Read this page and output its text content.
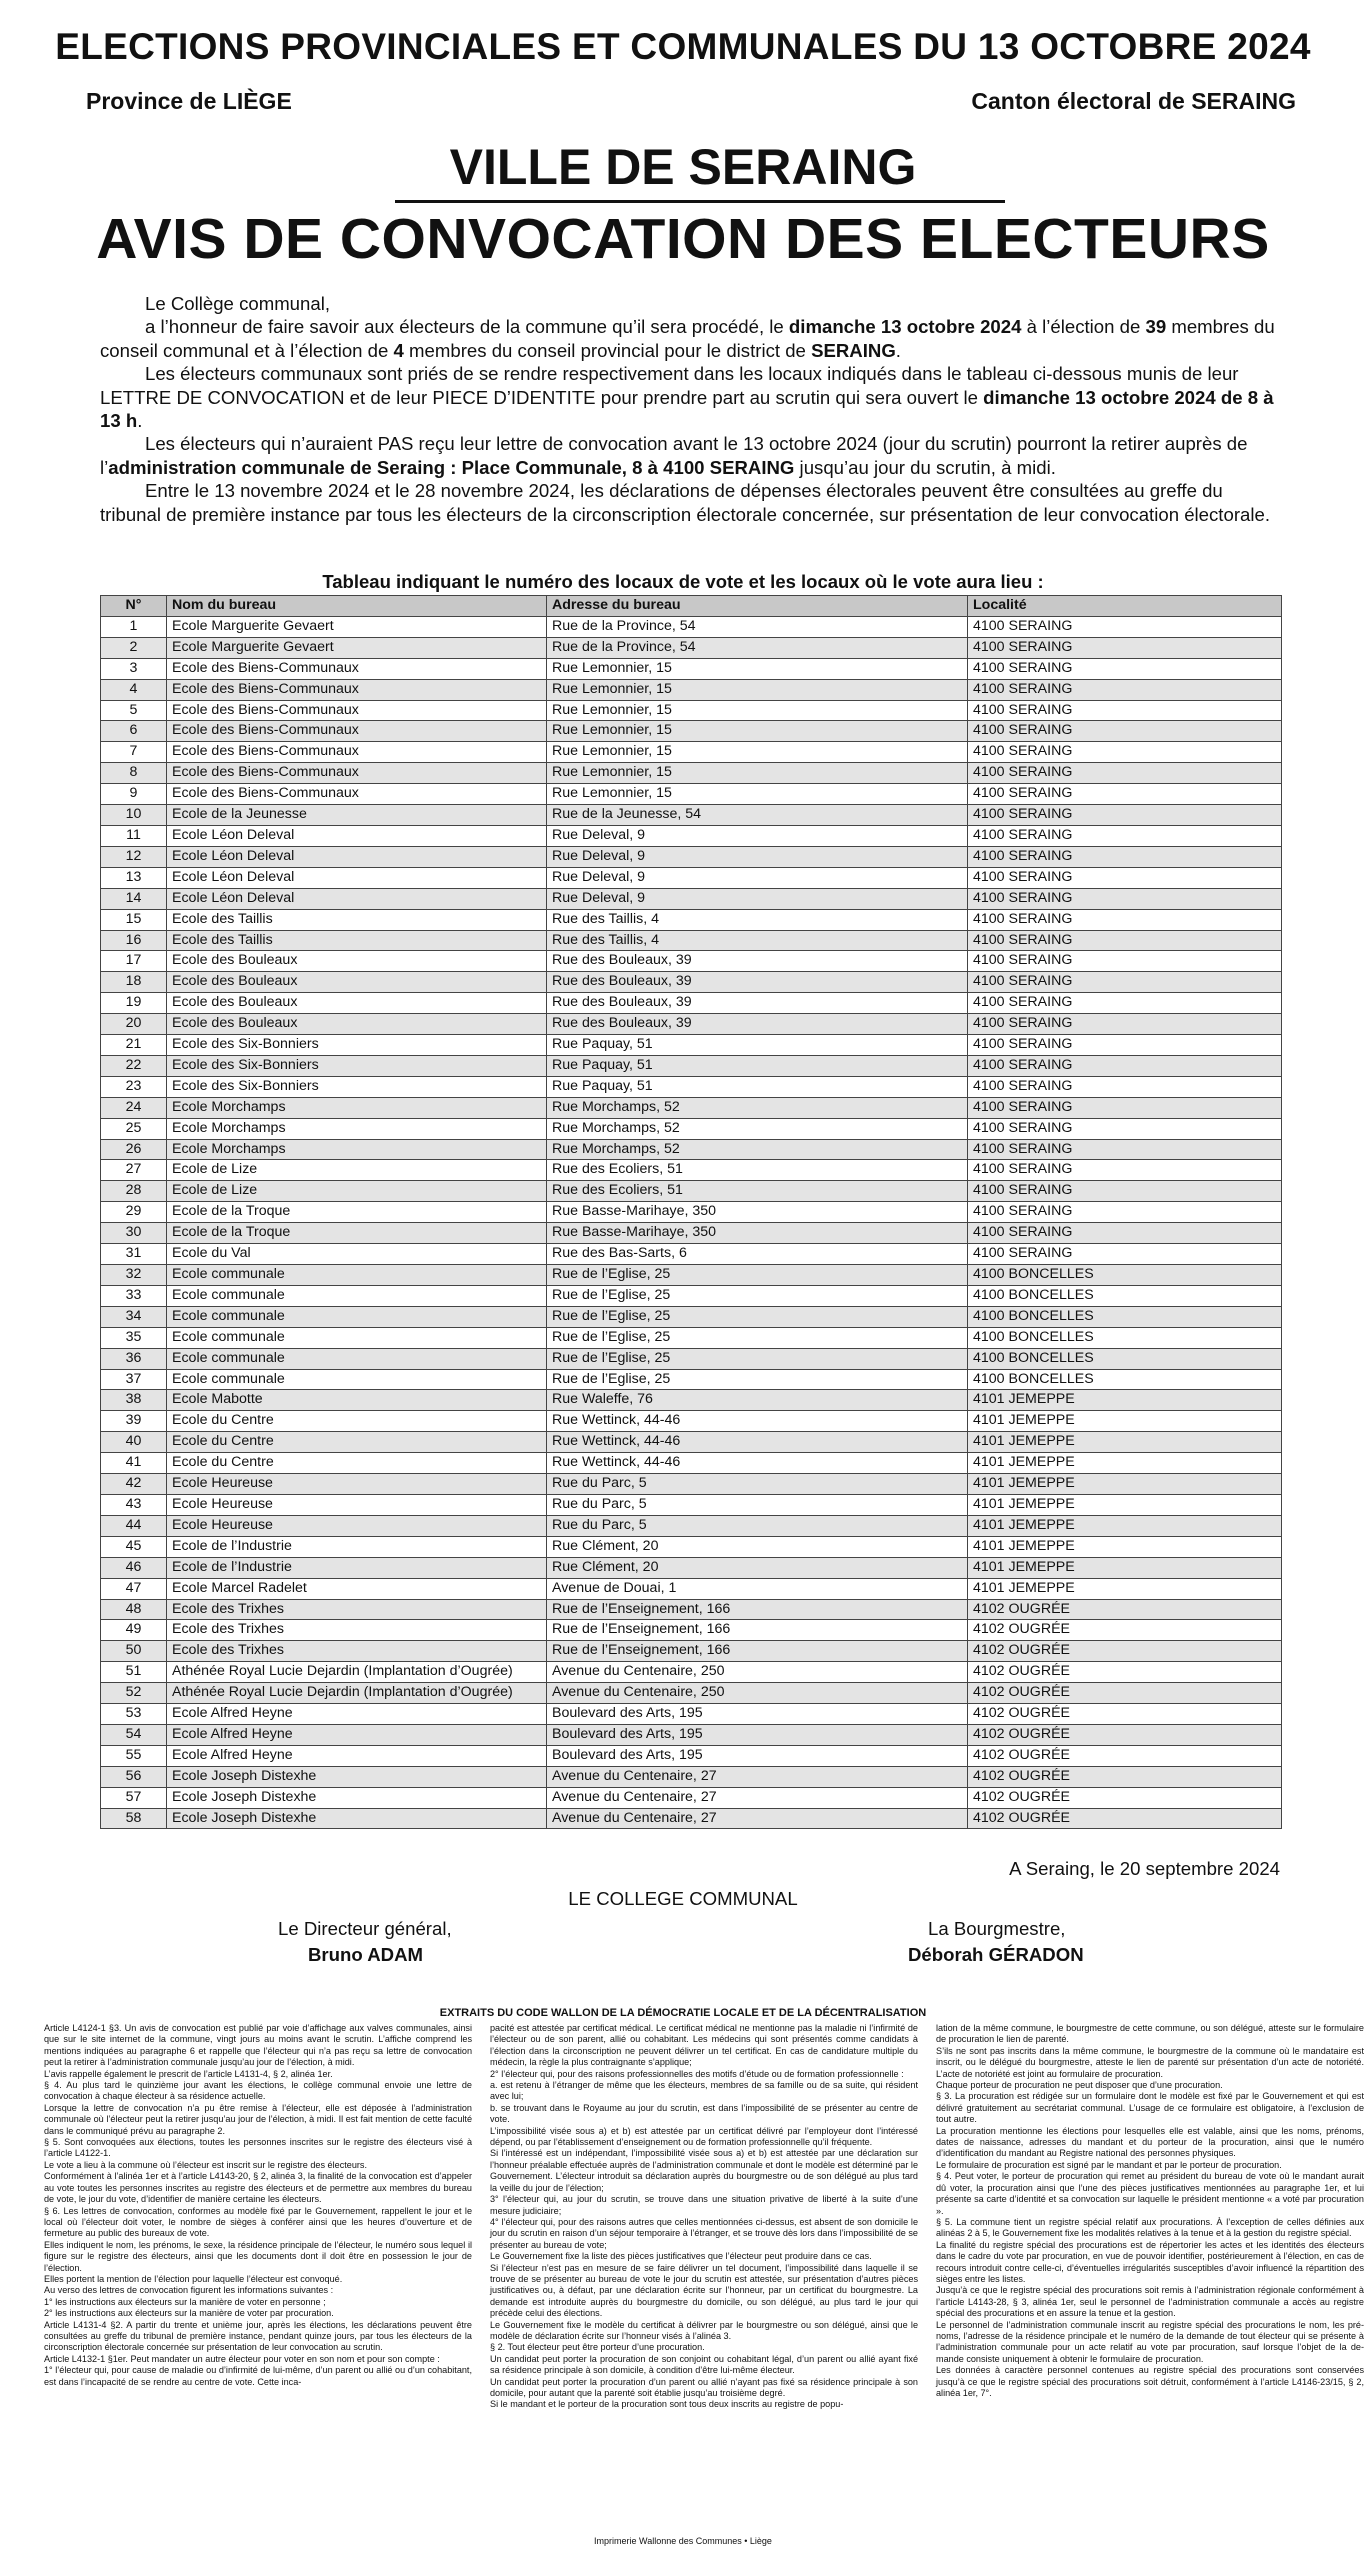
ELECTIONS PROVINCIALES ET COMMUNALES DU 13 OCTOBRE 2024
Province de LIÈGE	Canton électoral de SERAING
VILLE DE SERAING
AVIS DE CONVOCATION DES ELECTEURS

Le Collège communal,

a l’honneur de faire savoir aux électeurs de la commune qu’il sera procédé, le dimanche 13 octobre 2024 à l’élection de 39 membres du conseil communal et à l’élection de 4 membres du conseil provincial pour le district de SERAING.

Les électeurs communaux sont priés de se rendre respectivement dans les locaux indiqués dans le tableau ci-dessous munis de leur LETTRE DE CONVOCATION et de leur PIECE D’IDENTITE pour prendre part au scrutin qui sera ouvert le dimanche 13 octobre 2024 de 8 à 13 h.

Les électeurs qui n’auraient PAS reçu leur lettre de convocation avant le 13 octobre 2024 (jour du scrutin) pourront la retirer auprès de l’administration communale de Seraing : Place Communale, 8 à 4100 SERAING jusqu’au jour du scrutin, à midi.

Entre le 13 novembre 2024 et le 28 novembre 2024, les déclarations de dépenses électorales peuvent être consultées au greffe du tribunal de première instance par tous les électeurs de la circonscription électorale concernée, sur présentation de leur convocation électorale.

Tableau indiquant le numéro des locaux de vote et les locaux où le vote aura lieu :
N°	Nom du bureau	Adresse du bureau	Localité
1	Ecole Marguerite Gevaert	Rue de la Province, 54	4100 SERAING
2	Ecole Marguerite Gevaert	Rue de la Province, 54	4100 SERAING
3	Ecole des Biens-Communaux	Rue Lemonnier, 15	4100 SERAING
4	Ecole des Biens-Communaux	Rue Lemonnier, 15	4100 SERAING
5	Ecole des Biens-Communaux	Rue Lemonnier, 15	4100 SERAING
6	Ecole des Biens-Communaux	Rue Lemonnier, 15	4100 SERAING
7	Ecole des Biens-Communaux	Rue Lemonnier, 15	4100 SERAING
8	Ecole des Biens-Communaux	Rue Lemonnier, 15	4100 SERAING
9	Ecole des Biens-Communaux	Rue Lemonnier, 15	4100 SERAING
10	Ecole de la Jeunesse	Rue de la Jeunesse, 54	4100 SERAING
11	Ecole Léon Deleval	Rue Deleval, 9	4100 SERAING
12	Ecole Léon Deleval	Rue Deleval, 9	4100 SERAING
13	Ecole Léon Deleval	Rue Deleval, 9	4100 SERAING
14	Ecole Léon Deleval	Rue Deleval, 9	4100 SERAING
15	Ecole des Taillis	Rue des Taillis, 4	4100 SERAING
16	Ecole des Taillis	Rue des Taillis, 4	4100 SERAING
17	Ecole des Bouleaux	Rue des Bouleaux, 39	4100 SERAING
18	Ecole des Bouleaux	Rue des Bouleaux, 39	4100 SERAING
19	Ecole des Bouleaux	Rue des Bouleaux, 39	4100 SERAING
20	Ecole des Bouleaux	Rue des Bouleaux, 39	4100 SERAING
21	Ecole des Six-Bonniers	Rue Paquay, 51	4100 SERAING
22	Ecole des Six-Bonniers	Rue Paquay, 51	4100 SERAING
23	Ecole des Six-Bonniers	Rue Paquay, 51	4100 SERAING
24	Ecole Morchamps	Rue Morchamps, 52	4100 SERAING
25	Ecole Morchamps	Rue Morchamps, 52	4100 SERAING
26	Ecole Morchamps	Rue Morchamps, 52	4100 SERAING
27	Ecole de Lize	Rue des Ecoliers, 51	4100 SERAING
28	Ecole de Lize	Rue des Ecoliers, 51	4100 SERAING
29	Ecole de la Troque	Rue Basse-Marihaye, 350	4100 SERAING
30	Ecole de la Troque	Rue Basse-Marihaye, 350	4100 SERAING
31	Ecole du Val	Rue des Bas-Sarts, 6	4100 SERAING
32	Ecole communale	Rue de l’Eglise, 25	4100 BONCELLES
33	Ecole communale	Rue de l’Eglise, 25	4100 BONCELLES
34	Ecole communale	Rue de l’Eglise, 25	4100 BONCELLES
35	Ecole communale	Rue de l’Eglise, 25	4100 BONCELLES
36	Ecole communale	Rue de l’Eglise, 25	4100 BONCELLES
37	Ecole communale	Rue de l’Eglise, 25	4100 BONCELLES
38	Ecole Mabotte	Rue Waleffe, 76	4101 JEMEPPE
39	Ecole du Centre	Rue Wettinck, 44-46	4101 JEMEPPE
40	Ecole du Centre	Rue Wettinck, 44-46	4101 JEMEPPE
41	Ecole du Centre	Rue Wettinck, 44-46	4101 JEMEPPE
42	Ecole Heureuse	Rue du Parc, 5	4101 JEMEPPE
43	Ecole Heureuse	Rue du Parc, 5	4101 JEMEPPE
44	Ecole Heureuse	Rue du Parc, 5	4101 JEMEPPE
45	Ecole de l’Industrie	Rue Clément, 20	4101 JEMEPPE
46	Ecole de l’Industrie	Rue Clément, 20	4101 JEMEPPE
47	Ecole Marcel Radelet	Avenue de Douai, 1	4101 JEMEPPE
48	Ecole des Trixhes	Rue de l’Enseignement, 166	4102 OUGRÉE
49	Ecole des Trixhes	Rue de l’Enseignement, 166	4102 OUGRÉE
50	Ecole des Trixhes	Rue de l’Enseignement, 166	4102 OUGRÉE
51	Athénée Royal Lucie Dejardin (Implantation d’Ougrée)	Avenue du Centenaire, 250	4102 OUGRÉE
52	Athénée Royal Lucie Dejardin (Implantation d’Ougrée)	Avenue du Centenaire, 250	4102 OUGRÉE
53	Ecole Alfred Heyne	Boulevard des Arts, 195	4102 OUGRÉE
54	Ecole Alfred Heyne	Boulevard des Arts, 195	4102 OUGRÉE
55	Ecole Alfred Heyne	Boulevard des Arts, 195	4102 OUGRÉE
56	Ecole Joseph Distexhe	Avenue du Centenaire, 27	4102 OUGRÉE
57	Ecole Joseph Distexhe	Avenue du Centenaire, 27	4102 OUGRÉE
58	Ecole Joseph Distexhe	Avenue du Centenaire, 27	4102 OUGRÉE
A Seraing, le 20 septembre 2024
LE COLLEGE COMMUNAL
Le Directeur général,
Bruno ADAM
La Bourgmestre,
Déborah GÉRADON
EXTRAITS DU CODE WALLON DE LA DÉMOCRATIE LOCALE ET DE LA DÉCENTRALISATION

Article L4124-1 §3. Un avis de convocation est publié par voie d’affichage aux valves communales, ainsi que sur le site internet de la commune, vingt jours au moins avant le scrutin. L’affiche comprend les mentions indiquées au paragraphe 6 et rappelle que l’électeur qui n’a pas reçu sa lettre de convocation peut la retirer à l’administration communale jusqu’au jour de l’élection, à midi.

L’avis rappelle également le prescrit de l’article L4131-4, § 2, alinéa 1er.

§ 4. Au plus tard le quinzième jour avant les élections, le collège communal envoie une lettre de convocation à chaque électeur à sa résidence actuelle.

Lorsque la lettre de convocation n’a pu être remise à l’électeur, elle est déposée à l’administration communale où l’électeur peut la retirer jusqu’au jour de l’élection, à midi. Il est fait mention de cette faculté dans le communiqué prévu au paragraphe 2.

§ 5. Sont convoquées aux élections, toutes les personnes inscrites sur le registre des électeurs visé à l’article L4122-1.

Le vote a lieu à la commune où l’électeur est inscrit sur le registre des électeurs.

Conformément à l’alinéa 1er et à l’article L4143-20, § 2, alinéa 3, la finalité de la convocation est d’appeler au vote toutes les personnes inscrites au registre des électeurs et de permettre aux membres du bureau de vote, le jour du vote, d’identifier de manière certaine les électeurs.

§ 6. Les lettres de convocation, conformes au modèle fixé par le Gouvernement, rappellent le jour et le local où l’électeur doit voter, le nombre de sièges à conférer ainsi que les heures d’ouverture et de fermeture au public des bureaux de vote.

Elles indiquent le nom, les prénoms, le sexe, la résidence principale de l’électeur, le numéro sous lequel il figure sur le registre des électeurs, ainsi que les documents dont il doit être en possession le jour de l’élection.

Elles portent la mention de l’élection pour laquelle l’électeur est convoqué.

Au verso des lettres de convocation figurent les informations suivantes :

1° les instructions aux électeurs sur la manière de voter en personne ;

2° les instructions aux électeurs sur la manière de voter par procuration.

Article L4131-4 §2. A partir du trente et unième jour, après les élections, les déclarations peuvent être consultées au greffe du tribunal de première instance, pendant quinze jours, par tous les électeurs de la circonscription électorale concernée sur présentation de leur convocation au scrutin.

Article L4132-1 §1er. Peut mandater un autre électeur pour voter en son nom et pour son compte :

1° l’électeur qui, pour cause de maladie ou d’infirmité de lui-même, d’un parent ou allié ou d’un cohabitant, est dans l’incapacité de se rendre au centre de vote. Cette inca-

pacité est attestée par certificat médical. Le certificat médical ne mentionne pas la maladie ni l’infirmité de l’électeur ou de son parent, allié ou cohabitant. Les médecins qui sont présentés comme candidats à l’élection dans la circonscription ne peuvent délivrer un tel certificat. En cas de candidature multiple du médecin, la règle la plus contraignante s’applique;

2° l’électeur qui, pour des raisons professionnelles des motifs d’étude ou de formation professionnelle :

a. est retenu à l’étranger de même que les électeurs, membres de sa famille ou de sa suite, qui résident avec lui;

b. se trouvant dans le Royaume au jour du scrutin, est dans l’impossibilité de se présenter au centre de vote.

L’impossibilité visée sous a) et b) est attestée par un certificat délivré par l’employeur dont l’intéressé dépend, ou par l’établissement d’enseignement ou de formation professionnelle qu’il fréquente.

Si l’intéressé est un indépendant, l’impossibilité visée sous a) et b) est attestée par une déclaration sur l’honneur préalable effectuée auprès de l’administration communale et dont le modèle est déterminé par le Gouvernement. L’électeur introduit sa déclaration auprès du bourgmestre ou de son délégué au plus tard la veille du jour de l’élection;

3° l’électeur qui, au jour du scrutin, se trouve dans une situation privative de liberté à la suite d’une mesure judiciaire;

4° l’électeur qui, pour des raisons autres que celles mentionnées ci-dessus, est absent de son domicile le jour du scrutin en raison d’un séjour temporaire à l’étranger, et se trouve dès lors dans l’impossibilité de se présenter au bureau de vote;

Le Gouvernement fixe la liste des pièces justificatives que l’électeur peut produire dans ce cas.

Si l’électeur n’est pas en mesure de se faire délivrer un tel document, l’impossibilité dans laquelle il se trouve de se présenter au bureau de vote le jour du scrutin est attestée, sur présentation d’autres pièces justificatives ou, à défaut, par une déclaration écrite sur l’honneur, par un certificat du bourgmestre. La demande est introduite auprès du bourgmestre du domicile, ou son délégué, au plus tard le jour qui précède celui des élections.

Le Gouvernement fixe le modèle du certificat à délivrer par le bourgmestre ou son délégué, ainsi que le modèle de déclaration écrite sur l’honneur visés à l’alinéa 3.

§ 2. Tout électeur peut être porteur d’une procuration.

Un candidat peut porter la procuration de son conjoint ou cohabitant légal, d’un parent ou allié ayant fixé sa résidence principale à son domicile, à condition d’être lui-même électeur.

Un candidat peut porter la procuration d’un parent ou allié n’ayant pas fixé sa résidence principale à son domicile, pour autant que la parenté soit établie jusqu’au troisième degré.

Si le mandant et le porteur de la procuration sont tous deux inscrits au registre de popu-

lation de la même commune, le bourgmestre de cette commune, ou son délégué, atteste sur le formulaire de procuration le lien de parenté.

S’ils ne sont pas inscrits dans la même commune, le bourgmestre de la commune où le mandataire est inscrit, ou le délégué du bourgmestre, atteste le lien de parenté sur présentation d’un acte de notoriété. L’acte de notoriété est joint au formulaire de procuration.

Chaque porteur de procuration ne peut disposer que d’une procuration.

§ 3. La procuration est rédigée sur un formulaire dont le modèle est fixé par le Gouvernement et qui est délivré gratuitement au secrétariat communal. L’usage de ce formulaire est obligatoire, à l’exclusion de tout autre.

La procuration mentionne les élections pour lesquelles elle est valable, ainsi que les noms, prénoms, dates de naissance, adresses du mandant et du porteur de la procuration, ainsi que le numéro d’identification du mandant au Registre national des personnes physiques.

Le formulaire de procuration est signé par le mandant et par le porteur de procuration.

§ 4. Peut voter, le porteur de procuration qui remet au président du bureau de vote où le mandant aurait dû voter, la procuration ainsi que l’une des pièces justificatives mentionnées au paragraphe 1er, et lui présente sa carte d’identité et sa convocation sur laquelle le président mentionne « a voté par procuration ».

§ 5. La commune tient un registre spécial relatif aux procurations. À l’exception de celles définies aux alinéas 2 à 5, le Gouvernement fixe les modalités relatives à la tenue et à la gestion du registre spécial.

La finalité du registre spécial des procurations est de répertorier les actes et les identités des électeurs dans le cadre du vote par procuration, en vue de pouvoir identifier, postérieurement à l’élection, en cas de recours introduit contre celle-ci, d’éventuelles irrégularités susceptibles d’avoir influencé la répartition des sièges entre les listes.

Jusqu’à ce que le registre spécial des procurations soit remis à l’administration régionale conformément à l’article L4143-28, § 3, alinéa 1er, seul le personnel de l’administration communale a accès au registre spécial des procurations et en assure la tenue et la gestion.

Le personnel de l’administration communale inscrit au registre spécial des procurations le nom, les pré- noms, l’adresse de la résidence principale et le numéro de la demande de tout électeur qui se présente à l’administration communale pour un acte relatif au vote par procuration, sauf lorsque l’objet de la de- mande consiste uniquement à obtenir le formulaire de procuration.

Les données à caractère personnel contenues au registre spécial des procurations sont conservées jusqu’à ce que le registre spécial des procurations soit détruit, conformément à l’article L4146-23/15, § 2, alinéa 1er, 7°.

Imprimerie Wallonne des Communes • Liège
